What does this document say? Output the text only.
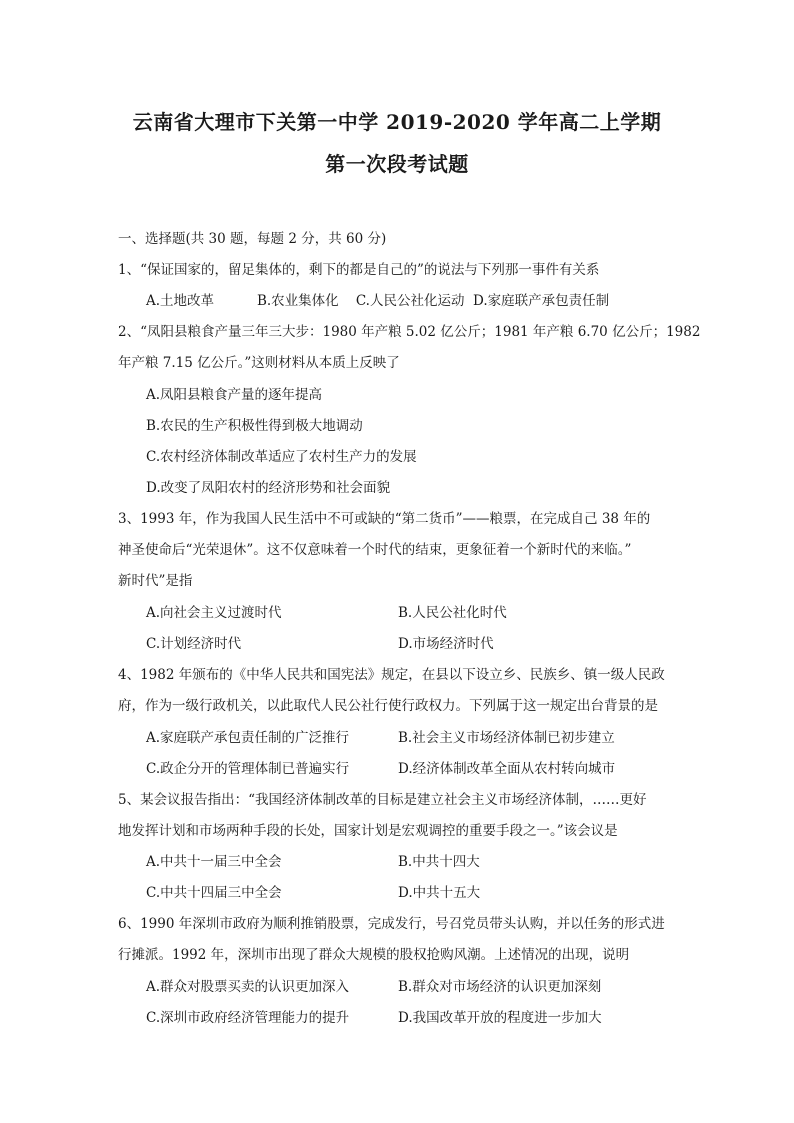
云南省大理市下关第一中学 2019-2020 学年高二上学期
第一次段考试题
一、选择题(共 30 题，每题 2 分，共 60 分)
1、“保证国家的，留足集体的，剩下的都是自己的”的说法与下列那一事件有关系
A.土地改革          B.农业集体化    C.人民公社化运动  D.家庭联产承包责任制
2、“凤阳县粮食产量三年三大步：1980 年产粮 5.02 亿公斤；1981 年产粮 6.70 亿公斤；1982
年产粮 7.15 亿公斤。”这则材料从本质上反映了
A.凤阳县粮食产量的逐年提高
B.农民的生产积极性得到极大地调动
C.农村经济体制改革适应了农村生产力的发展
D.改变了凤阳农村的经济形势和社会面貌
3、1993 年，作为我国人民生活中不可或缺的“第二货币”——粮票，在完成自己 38 年的
神圣使命后“光荣退休”。这不仅意味着一个时代的结束，更象征着一个新时代的来临。”
新时代”是指
A.向社会主义过渡时代	B.人民公社化时代
C.计划经济时代	D.市场经济时代
4、1982 年颁布的《中华人民共和国宪法》规定，在县以下设立乡、民族乡、镇一级人民政
府，作为一级行政机关，以此取代人民公社行使行政权力。下列属于这一规定出台背景的是
A.家庭联产承包责任制的广泛推行	B.社会主义市场经济体制已初步建立
C.政企分开的管理体制已普遍实行	D.经济体制改革全面从农村转向城市
5、某会议报告指出：“我国经济体制改革的目标是建立社会主义市场经济体制，……更好
地发挥计划和市场两种手段的长处，国家计划是宏观调控的重要手段之一。”该会议是
A.中共十一届三中全会	B.中共十四大
C.中共十四届三中全会	D.中共十五大
6、1990 年深圳市政府为顺利推销股票，完成发行，号召党员带头认购，并以任务的形式进
行摊派。1992 年，深圳市出现了群众大规模的股权抢购风潮。上述情况的出现，说明
A.群众对股票买卖的认识更加深入	B.群众对市场经济的认识更加深刻
C.深圳市政府经济管理能力的提升	D.我国改革开放的程度进一步加大
